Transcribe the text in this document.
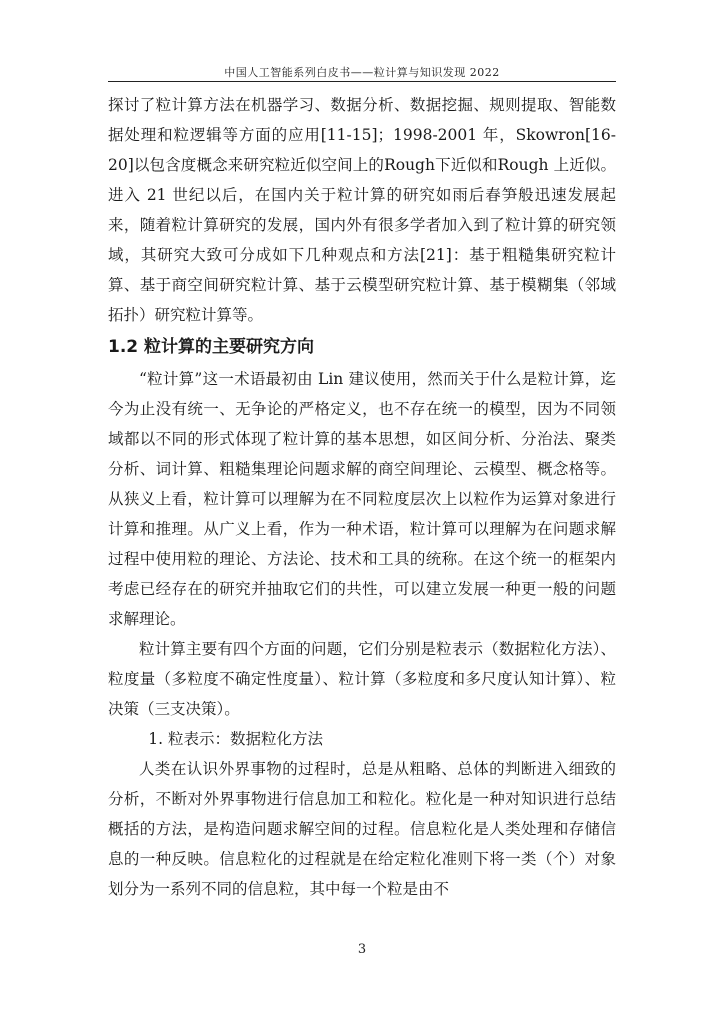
中国人工智能系列白皮书——粒计算与知识发现 2022

探讨了粒计算方法在机器学习、数据分析、数据挖掘、规则提取、智能数据处理和粒逻辑等方面的应用[11-15]；1998-2001 年，Skowron[16-20]以包含度概念来研究粒近似空间上的Rough下近似和Rough 上近似。进入 21 世纪以后，在国内关于粒计算的研究如雨后春笋般迅速发展起来，随着粒计算研究的发展，国内外有很多学者加入到了粒计算的研究领域，其研究大致可分成如下几种观点和方法[21]：基于粗糙集研究粒计算、基于商空间研究粒计算、基于云模型研究粒计算、基于模糊集（邻域拓扑）研究粒计算等。

1.2 粒计算的主要研究方向

“粒计算”这一术语最初由 Lin 建议使用，然而关于什么是粒计算，迄今为止没有统一、无争论的严格定义，也不存在统一的模型，因为不同领域都以不同的形式体现了粒计算的基本思想，如区间分析、分治法、聚类分析、词计算、粗糙集理论问题求解的商空间理论、云模型、概念格等。从狭义上看，粒计算可以理解为在不同粒度层次上以粒作为运算对象进行计算和推理。从广义上看，作为一种术语，粒计算可以理解为在问题求解过程中使用粒的理论、方法论、技术和工具的统称。在这个统一的框架内考虑已经存在的研究并抽取它们的共性，可以建立发展一种更一般的问题求解理论。

粒计算主要有四个方面的问题，它们分别是粒表示（数据粒化方法）、粒度量（多粒度不确定性度量）、粒计算（多粒度和多尺度认知计算）、粒决策（三支决策）。

1. 粒表示：数据粒化方法

人类在认识外界事物的过程时，总是从粗略、总体的判断进入细致的分析，不断对外界事物进行信息加工和粒化。粒化是一种对知识进行总结概括的方法，是构造问题求解空间的过程。信息粒化是人类处理和存储信息的一种反映。信息粒化的过程就是在给定粒化准则下将一类（个）对象划分为一系列不同的信息粒，其中每一个粒是由不

3
